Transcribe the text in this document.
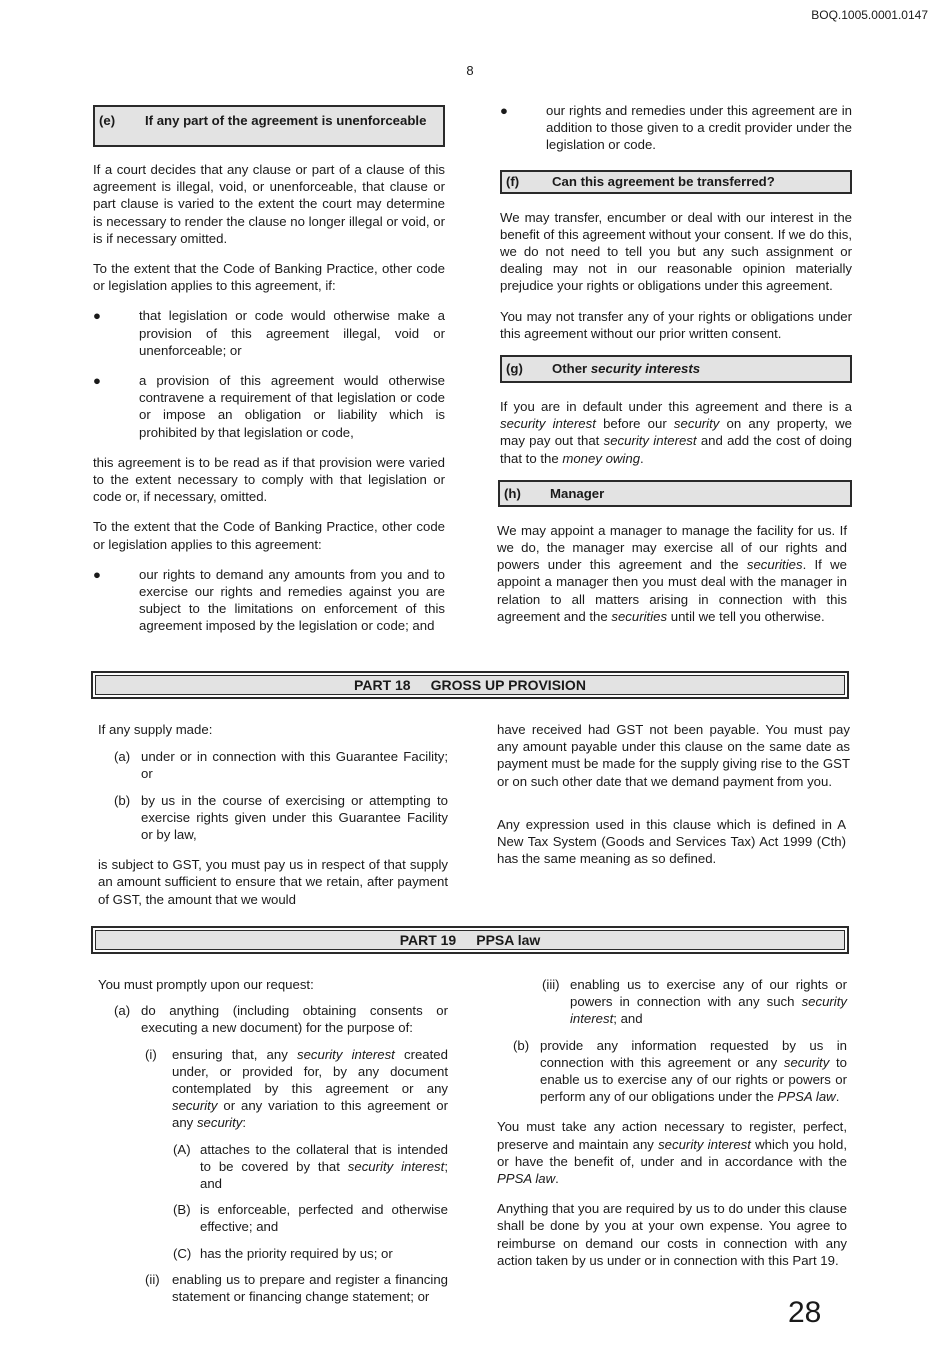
BOQ.1005.0001.0147
8
(e)	If any part of the agreement is unenforceable

If a court decides that any clause or part of a clause of this agreement is illegal, void, or unenforceable, that clause or part clause is varied to the extent the court may determine is necessary to render the clause no longer illegal or void, or is if necessary omitted.

To the extent that the Code of Banking Practice, other code or legislation applies to this agreement, if:

●	that legislation or code would otherwise make a provision of this agreement illegal, void or unenforceable; or
●	a provision of this agreement would otherwise contravene a requirement of that legislation or code or impose an obligation or liability which is prohibited by that legislation or code,

this agreement is to be read as if that provision were varied to the extent necessary to comply with that legislation or code or, if necessary, omitted.

To the extent that the Code of Banking Practice, other code or legislation applies to this agreement:

●	our rights to demand any amounts from you and to exercise our rights and remedies against you are subject to the limitations on enforcement of this agreement imposed by the legislation or code; and
●	our rights and remedies under this agreement are in addition to those given to a credit provider under the legislation or code.
(f)	Can this agreement be transferred?

We may transfer, encumber or deal with our interest in the benefit of this agreement without your consent. If we do this, we do not need to tell you but any such assignment or dealing may not in our reasonable opinion materially prejudice your rights or obligations under this agreement.

You may not transfer any of your rights or obligations under this agreement without our prior written consent.

(g)	Other security interests

If you are in default under this agreement and there is a security interest before our security on any property, we may pay out that security interest and add the cost of doing that to the money owing.

(h)	Manager

We may appoint a manager to manage the facility for us. If we do, the manager may exercise all of our rights and powers under this agreement and the securities. If we appoint a manager then you must deal with the manager in relation to all matters arising in connection with this agreement and the securities until we tell you otherwise.

PART 18 GROSS UP PROVISION

If any supply made:

(a) under or in connection with this Guarantee Facility; or
(b) by us in the course of exercising or attempting to exercise rights given under this Guarantee Facility or by law,

is subject to GST, you must pay us in respect of that supply an amount sufficient to ensure that we retain, after payment of GST, the amount that we would

have received had GST not been payable. You must pay any amount payable under this clause on the same date as payment must be made for the supply giving rise to the GST or on such other date that we demand payment from you.

Any expression used in this clause which is defined in A New Tax System (Goods and Services Tax) Act 1999 (Cth) has the same meaning as so defined.

PART 19 PPSA law

You must promptly upon our request:

(a) do anything (including obtaining consents or executing a new document) for the purpose of:
(i)	ensuring that, any security interest created under, or provided for, by any document contemplated by this agreement or any security or any variation to this agreement or any security:
(A) attaches to the collateral that is intended to be covered by that security interest; and
(B) is enforceable, perfected and otherwise effective; and
(C) has the priority required by us; or
(ii) enabling us to prepare and register a financing statement or financing change statement; or
(iii) enabling us to exercise any of our rights or powers in connection with any such security interest; and
(b) provide any information requested by us in connection with this agreement or any security to enable us to exercise any of our rights or powers or perform any of our obligations under the PPSA law.

You must take any action necessary to register, perfect, preserve and maintain any security interest which you hold, or have the benefit of, under and in accordance with the PPSA law.

Anything that you are required by us to do under this clause shall be done by you at your own expense. You agree to reimburse on demand our costs in connection with any action taken by us under or in connection with this Part 19.

28
